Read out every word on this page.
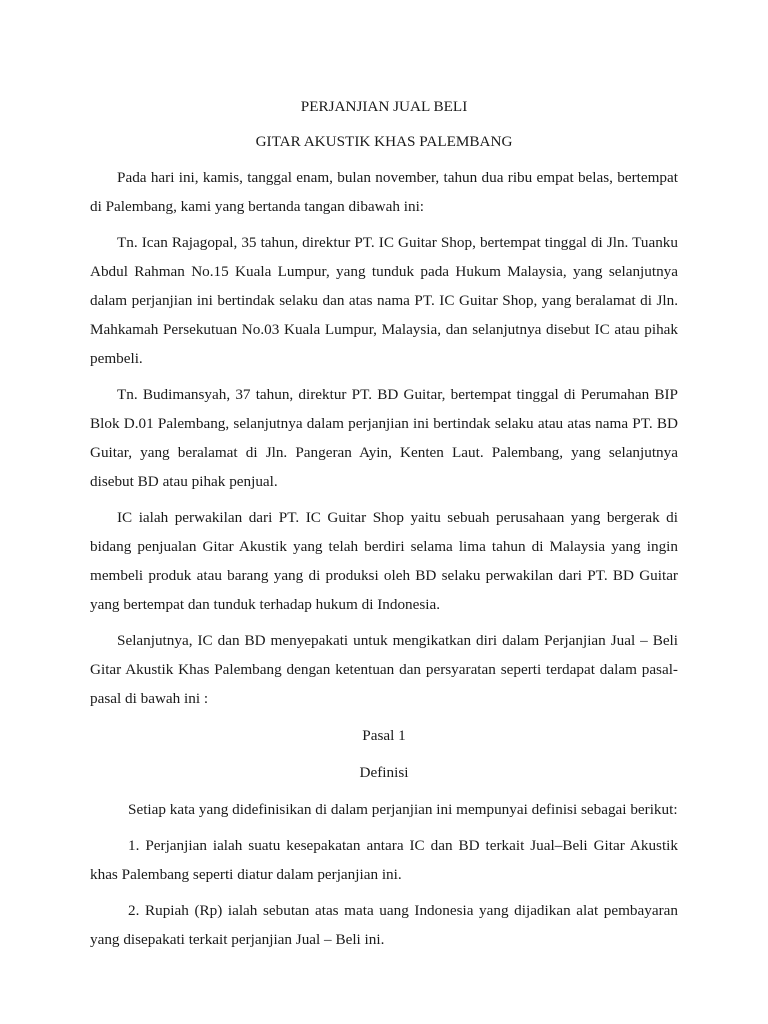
PERJANJIAN JUAL BELI

GITAR AKUSTIK KHAS PALEMBANG

Pada hari ini, kamis, tanggal enam, bulan november, tahun dua ribu empat belas, bertempat di Palembang, kami yang bertanda tangan dibawah ini:

Tn. Ican Rajagopal, 35 tahun, direktur PT. IC Guitar Shop, bertempat tinggal di Jln. Tuanku Abdul Rahman No.15 Kuala Lumpur, yang tunduk pada Hukum Malaysia, yang selanjutnya dalam perjanjian ini bertindak selaku dan atas nama PT. IC Guitar Shop, yang beralamat di Jln. Mahkamah Persekutuan No.03 Kuala Lumpur, Malaysia, dan selanjutnya disebut IC atau pihak pembeli.

Tn. Budimansyah, 37 tahun, direktur PT. BD Guitar, bertempat tinggal di Perumahan BIP Blok D.01 Palembang, selanjutnya dalam perjanjian ini bertindak selaku atau atas nama PT. BD Guitar, yang beralamat di Jln. Pangeran Ayin, Kenten Laut. Palembang, yang selanjutnya disebut BD atau pihak penjual.

IC ialah perwakilan dari PT. IC Guitar Shop yaitu sebuah perusahaan yang bergerak di bidang penjualan Gitar Akustik yang telah berdiri selama lima tahun di Malaysia yang ingin membeli produk atau barang yang di produksi oleh BD selaku perwakilan dari PT. BD Guitar yang bertempat dan tunduk terhadap hukum di Indonesia.

Selanjutnya, IC dan BD menyepakati untuk mengikatkan diri dalam Perjanjian Jual – Beli Gitar Akustik Khas Palembang dengan ketentuan dan persyaratan seperti terdapat dalam pasal-pasal di bawah ini :

Pasal 1

Definisi

Setiap kata yang didefinisikan di dalam perjanjian ini mempunyai definisi sebagai berikut:

1. Perjanjian ialah suatu kesepakatan antara IC dan BD terkait Jual–Beli Gitar Akustik khas Palembang seperti diatur dalam perjanjian ini.

2. Rupiah (Rp) ialah sebutan atas mata uang Indonesia yang dijadikan alat pembayaran yang disepakati terkait perjanjian Jual – Beli ini.
